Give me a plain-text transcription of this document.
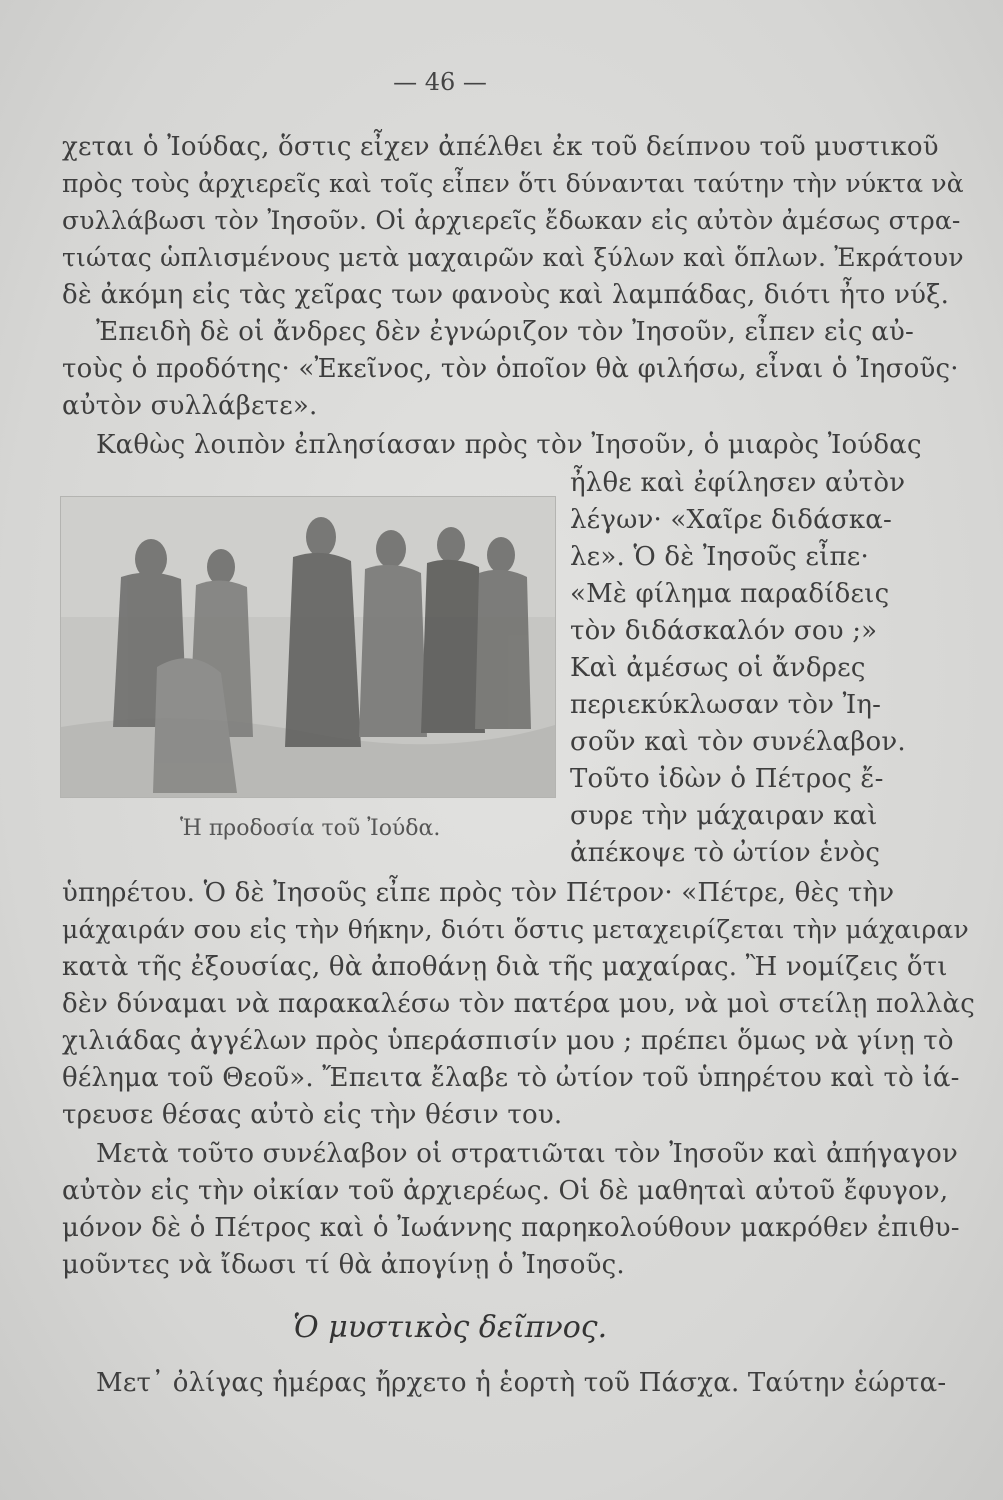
— 46 —
χεται ὁ Ἰούδας, ὅστις εἶχεν ἀπέλθει ἐκ τοῦ δείπνου τοῦ μυστικοῦ
πρὸς τοὺς ἀρχιερεῖς καὶ τοῖς εἶπεν ὅτι δύνανται ταύτην τὴν νύκτα νὰ
συλλάβωσι τὸν Ἰησοῦν. Οἱ ἀρχιερεῖς ἔδωκαν εἰς αὐτὸν ἀμέσως στρα-
τιώτας ὡπλισμένους μετὰ μαχαιρῶν καὶ ξύλων καὶ ὅπλων. Ἐκράτουν
δὲ ἀκόμη εἰς τὰς χεῖρας των φανοὺς καὶ λαμπάδας, διότι ἦτο νύξ.
Ἐπειδὴ δὲ οἱ ἄνδρες δὲν ἐγνώριζον τὸν Ἰησοῦν, εἶπεν εἰς αὐ-
τοὺς ὁ προδότης· «Ἐκεῖνος, τὸν ὁποῖον θὰ φιλήσω, εἶναι ὁ Ἰησοῦς·
αὐτὸν συλλάβετε».
Καθὼς λοιπὸν ἐπλησίασαν πρὸς τὸν Ἰησοῦν, ὁ μιαρὸς Ἰούδας
Ἡ προδοσία τοῦ Ἰούδα.
ἦλθε καὶ ἐφίλησεν αὐτὸν
λέγων· «Χαῖρε διδάσκα-
λε». Ὁ δὲ Ἰησοῦς εἶπε·
«Μὲ φίλημα παραδίδεις
τὸν διδάσκαλόν σου ;»
Καὶ ἀμέσως οἱ ἄνδρες
περιεκύκλωσαν τὸν Ἰη-
σοῦν καὶ τὸν συνέλαβον.
Τοῦτο ἰδὼν ὁ Πέτρος ἔ-
συρε τὴν μάχαιραν καὶ
ἀπέκοψε τὸ ὠτίον ἑνὸς
ὑπηρέτου. Ὁ δὲ Ἰησοῦς εἶπε πρὸς τὸν Πέτρον· «Πέτρε, θὲς τὴν
μάχαιράν σου εἰς τὴν θήκην, διότι ὅστις μεταχειρίζεται τὴν μάχαιραν
κατὰ τῆς ἐξουσίας, θὰ ἀποθάνῃ διὰ τῆς μαχαίρας. Ἢ νομίζεις ὅτι
δὲν δύναμαι νὰ παρακαλέσω τὸν πατέρα μου, νὰ μοὶ στείλῃ πολλὰς
χιλιάδας ἀγγέλων πρὸς ὑπεράσπισίν μου ; πρέπει ὅμως νὰ γίνῃ τὸ
θέλημα τοῦ Θεοῦ». Ἔπειτα ἔλαβε τὸ ὠτίον τοῦ ὑπηρέτου καὶ τὸ ἰά-
τρευσε θέσας αὐτὸ εἰς τὴν θέσιν του.
Μετὰ τοῦτο συνέλαβον οἱ στρατιῶται τὸν Ἰησοῦν καὶ ἀπήγαγον
αὐτὸν εἰς τὴν οἰκίαν τοῦ ἀρχιερέως. Οἱ δὲ μαθηταὶ αὐτοῦ ἔφυγον,
μόνον δὲ ὁ Πέτρος καὶ ὁ Ἰωάννης παρηκολούθουν μακρόθεν ἐπιθυ-
μοῦντες νὰ ἴδωσι τί θὰ ἀπογίνῃ ὁ Ἰησοῦς.
Ὁ μυστικὸς δεῖπνος.
Μετ᾽ ὀλίγας ἡμέρας ἤρχετο ἡ ἑορτὴ τοῦ Πάσχα. Ταύτην ἑώρτα-
